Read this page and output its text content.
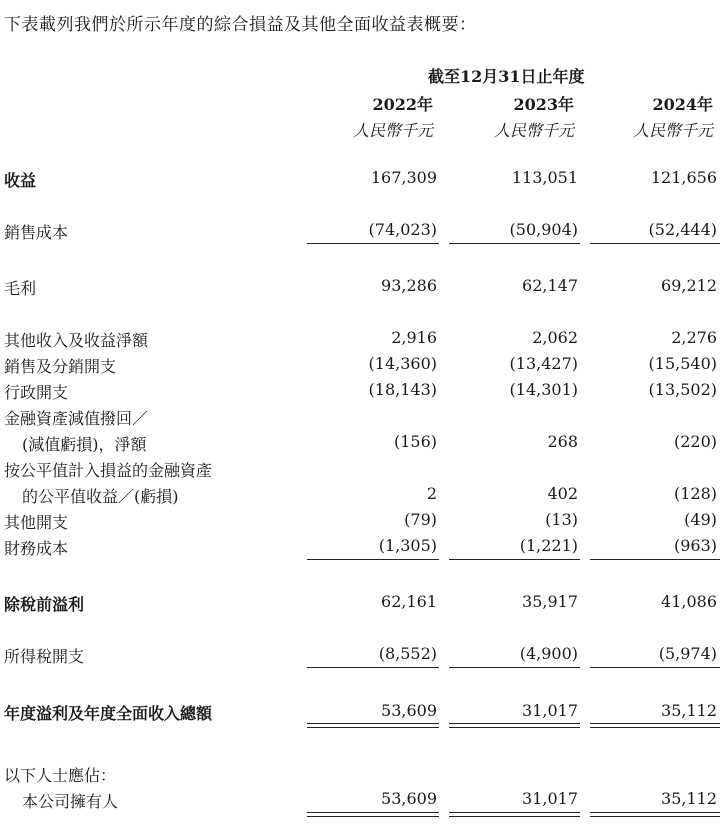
下表載列我們於所示年度的綜合損益及其他全面收益表概要：
截至12月31日止年度
2022年	2023年	2024年
人民幣千元	人民幣千元	人民幣千元
收益	167,309	113,051	121,656
銷售成本	(74,023)	(50,904)	(52,444)
毛利	93,286	62,147	69,212
其他收入及收益淨額	2,916	2,062	2,276
銷售及分銷開支	(14,360)	(13,427)	(15,540)
行政開支	(18,143)	(14,301)	(13,502)
金融資產減值撥回／
(減值虧損)，淨額	(156)	268	(220)
按公平值計入損益的金融資產
的公平值收益／(虧損)	2	402	(128)
其他開支	(79)	(13)	(49)
財務成本	(1,305)	(1,221)	(963)
除稅前溢利	62,161	35,917	41,086
所得稅開支	(8,552)	(4,900)	(5,974)
年度溢利及年度全面收入總額	53,609	31,017	35,112
以下人士應佔：
本公司擁有人	53,609	31,017	35,112
